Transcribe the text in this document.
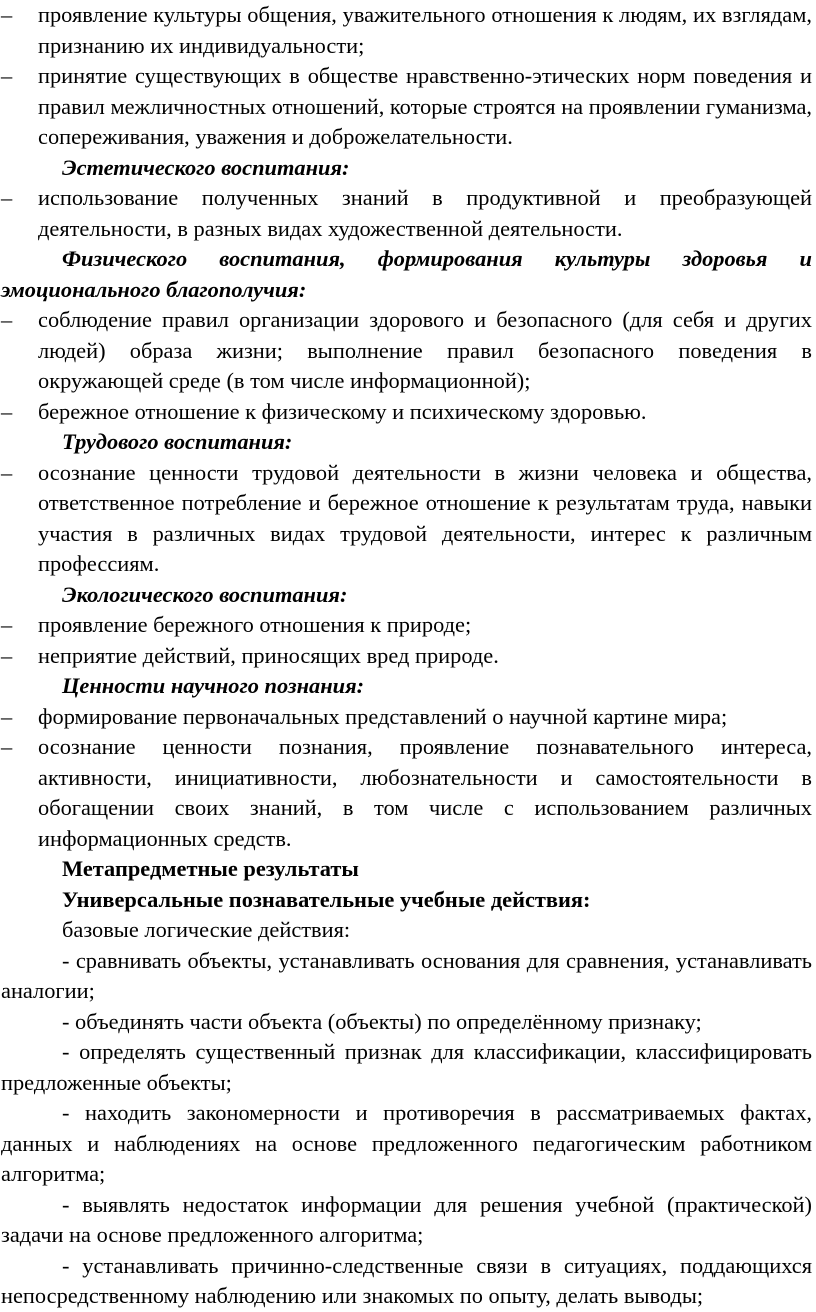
–	проявление культуры общения, уважительного отношения к людям, их взглядам, признанию их индивидуальности;

–	принятие существующих в обществе нравственно-этических норм поведения и правил межличностных отношений, которые строятся на проявлении гуманизма, сопереживания, уважения и доброжелательности.

Эстетического воспитания:

–	использование полученных знаний в продуктивной и преобразующей деятельности, в разных видах художественной деятельности.

Физического воспитания, формирования культуры здоровья и эмоционального благополучия:

–	соблюдение правил организации здорового и безопасного (для себя и других людей) образа жизни; выполнение правил безопасного поведения в окружающей среде (в том числе информационной);

–	бережное отношение к физическому и психическому здоровью.

Трудового воспитания:

–	осознание ценности трудовой деятельности в жизни человека и общества, ответственное потребление и бережное отношение к результатам труда, навыки участия в различных видах трудовой деятельности, интерес к различным профессиям.

Экологического воспитания:

–	проявление бережного отношения к природе;

–	неприятие действий, приносящих вред природе.

Ценности научного познания:

–	формирование первоначальных представлений о научной картине мира;

–	осознание ценности познания, проявление познавательного интереса, активности, инициативности, любознательности и самостоятельности в обогащении своих знаний, в том числе с использованием различных информационных средств.

Метапредметные результаты

Универсальные познавательные учебные действия:

базовые логические действия:

- сравнивать объекты, устанавливать основания для сравнения, устанавливать аналогии;

- объединять части объекта (объекты) по определённому признаку;

- определять существенный признак для классификации, классифицировать предложенные объекты;

- находить закономерности и противоречия в рассматриваемых фактах, данных и наблюдениях на основе предложенного педагогическим работником алгоритма;

- выявлять недостаток информации для решения учебной (практической) задачи на основе предложенного алгоритма;

- устанавливать причинно-следственные связи в ситуациях, поддающихся непосредственному наблюдению или знакомых по опыту, делать выводы;
